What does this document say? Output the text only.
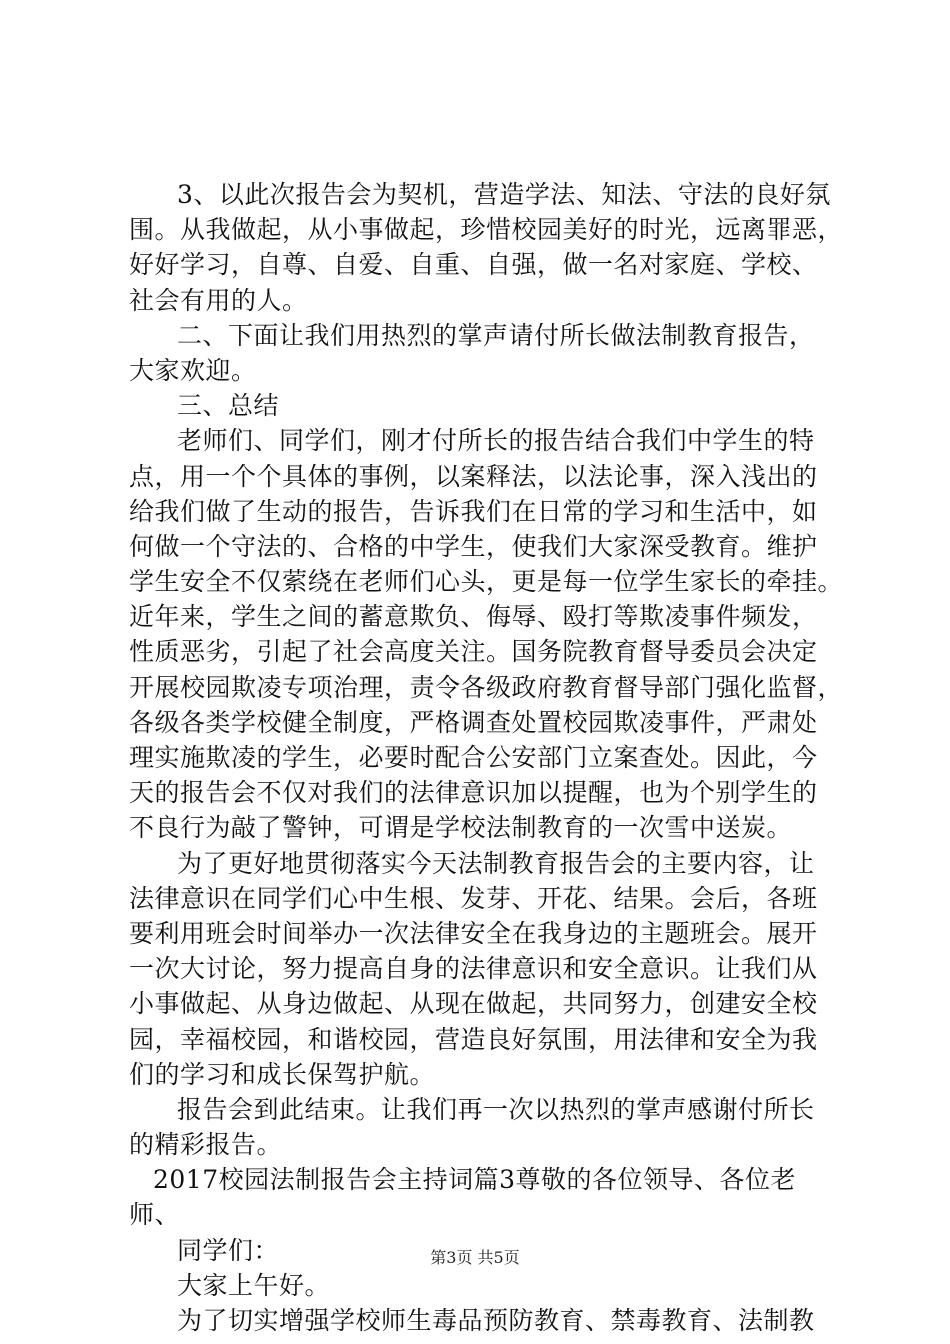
3、以此次报告会为契机，营造学法、知法、守法的良好氛
围。从我做起，从小事做起，珍惜校园美好的时光，远离罪恶，
好好学习，自尊、自爱、自重、自强，做一名对家庭、学校、
社会有用的人。
二、下面让我们用热烈的掌声请付所长做法制教育报告，
大家欢迎。
三、总结
老师们、同学们，刚才付所长的报告结合我们中学生的特
点，用一个个具体的事例，以案释法，以法论事，深入浅出的
给我们做了生动的报告，告诉我们在日常的学习和生活中，如
何做一个守法的、合格的中学生，使我们大家深受教育。维护
学生安全不仅萦绕在老师们心头，更是每一位学生家长的牵挂。
近年来，学生之间的蓄意欺负、侮辱、殴打等欺凌事件频发，
性质恶劣，引起了社会高度关注。国务院教育督导委员会决定
开展校园欺凌专项治理，责令各级政府教育督导部门强化监督，
各级各类学校健全制度，严格调查处置校园欺凌事件，严肃处
理实施欺凌的学生，必要时配合公安部门立案查处。因此，今
天的报告会不仅对我们的法律意识加以提醒，也为个别学生的
不良行为敲了警钟，可谓是学校法制教育的一次雪中送炭。
为了更好地贯彻落实今天法制教育报告会的主要内容，让
法律意识在同学们心中生根、发芽、开花、结果。会后，各班
要利用班会时间举办一次法律安全在我身边的主题班会。展开
一次大讨论，努力提高自身的法律意识和安全意识。让我们从
小事做起、从身边做起、从现在做起，共同努力，创建安全校
园，幸福校园，和谐校园，营造良好氛围，用法律和安全为我
们的学习和成长保驾护航。
报告会到此结束。让我们再一次以热烈的掌声感谢付所长
的精彩报告。
2017校园法制报告会主持词篇3尊敬的各位领导、各位老
师、
同学们：
大家上午好。
为了切实增强学校师生毒品预防教育、禁毒教育、法制教
第3页 共5页
